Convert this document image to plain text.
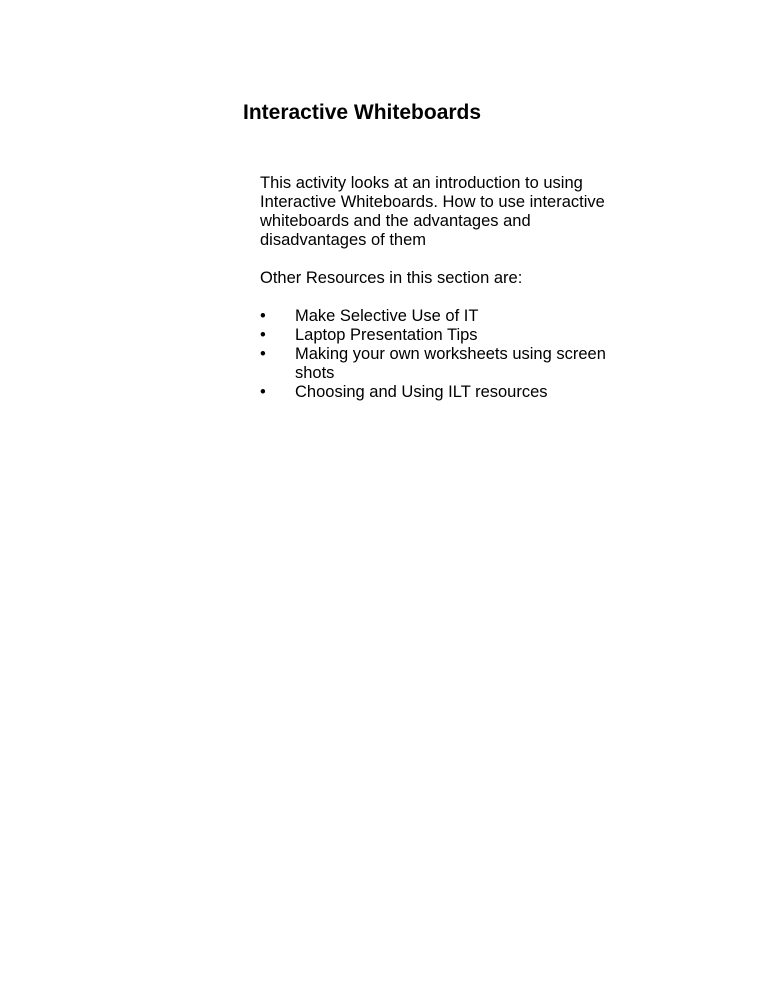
Interactive Whiteboards

This activity looks at an introduction to using
Interactive Whiteboards. How to use interactive
whiteboards and the advantages and
disadvantages of them

Other Resources in this section are:

•	Make Selective Use of IT
•	Laptop Presentation Tips
•	Making your own worksheets using screen
shots
•	Choosing and Using ILT resources
